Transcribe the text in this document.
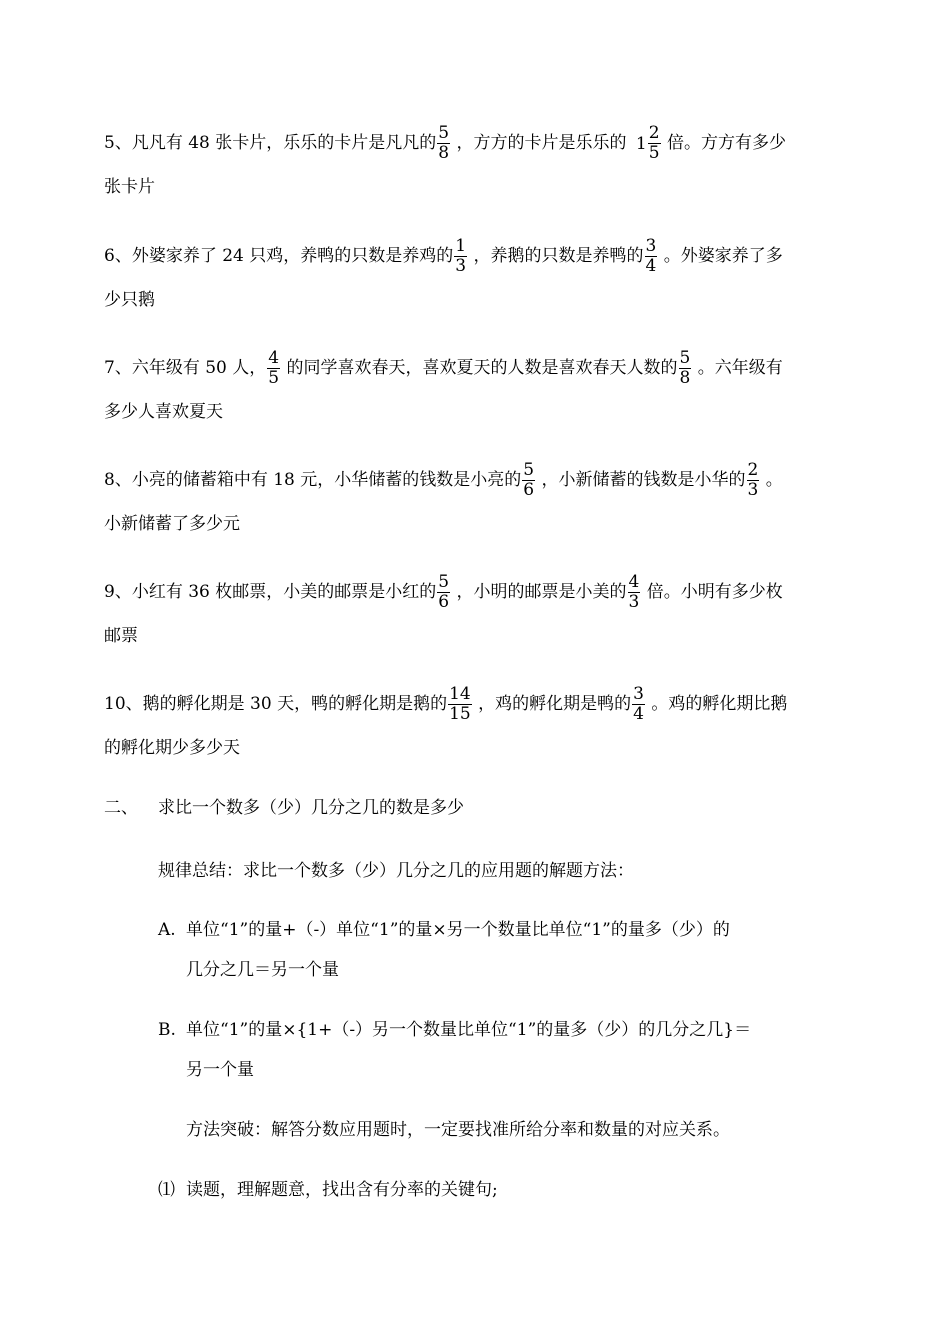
5、凡凡有 48 张卡片，乐乐的卡片是凡凡的 $\frac{5}{8}$ ，方方的卡片是乐乐的 $1 \frac{2}{5}$ 倍。方方有多少
张卡片
6、外婆家养了 24 只鸡，养鸭的只数是养鸡的 $\frac{1}{3}$ ，养鹅的只数是养鸭的 $\frac{3}{4}$ 。外婆家养了多
少只鹅
7、六年级有 50 人， $\frac{4}{5}$ 的同学喜欢春天，喜欢夏天的人数是喜欢春天人数的 $\frac{5}{8}$ 。六年级有
多少人喜欢夏天
8、小亮的储蓄箱中有 18 元，小华储蓄的钱数是小亮的 $\frac{5}{6}$ ，小新储蓄的钱数是小华的 $\frac{2}{3}$ 。
小新储蓄了多少元
9、小红有 36 枚邮票，小美的邮票是小红的 $\frac{5}{6}$ ，小明的邮票是小美的 $\frac{4}{3}$ 倍。小明有多少枚
邮票
10、鹅的孵化期是 30 天，鸭的孵化期是鹅的 $\frac{14}{15}$ ，鸡的孵化期是鸭的 $\frac{3}{4}$ 。鸡的孵化期比鹅
的孵化期少多少天
二、 求比一个数多（少）几分之几的数是多少
规律总结：求比一个数多（少）几分之几的应用题的解题方法：
A. 单位“1”的量+（-）单位“1”的量×另一个数量比单位“1”的量多（少）的
几分之几＝另一个量
B. 单位“1”的量×{1+（-）另一个数量比单位“1”的量多（少）的几分之几}＝
另一个量
方法突破：解答分数应用题时，一定要找准所给分率和数量的对应关系。
⑴ 读题，理解题意，找出含有分率的关键句;
